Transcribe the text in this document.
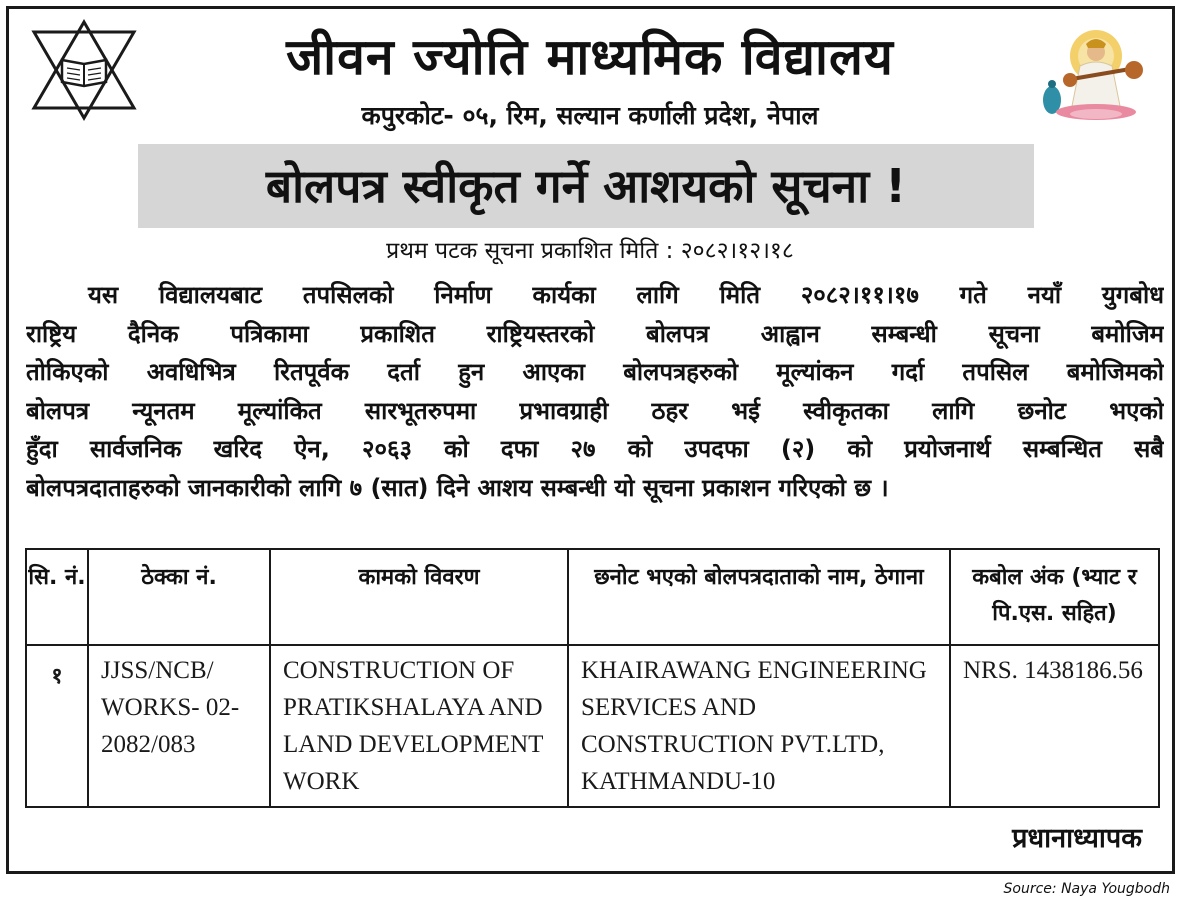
जीवन ज्योति माध्यमिक विद्यालय
कपुरकोट- ०५, रिम, सल्यान कर्णाली प्रदेश, नेपाल
बोलपत्र स्वीकृत गर्ने आशयको सूचना !
प्रथम पटक सूचना प्रकाशित मिति : २०८२।१२।१८
यस विद्यालयबाट तपसिलको निर्माण कार्यका लागि मिति २०८२।११।१७ गते नयाँ युगबोध
राष्ट्रिय दैनिक पत्रिकामा प्रकाशित राष्ट्रियस्तरको बोलपत्र आह्वान सम्बन्धी सूचना बमोजिम
तोकिएको अवधिभित्र रितपूर्वक दर्ता हुन आएका बोलपत्रहरुको मूल्यांकन गर्दा तपसिल बमोजिमको
बोलपत्र न्यूनतम मूल्यांकित सारभूतरुपमा प्रभावग्राही ठहर भई स्वीकृतका लागि छनोट भएको
हुँदा सार्वजनिक खरिद ऐन, २०६३ को दफा २७ को उपदफा (२) को प्रयोजनार्थ सम्बन्धित सबै
बोलपत्रदाताहरुको जानकारीको लागि ७ (सात) दिने आशय सम्बन्धी यो सूचना प्रकाशन गरिएको छ ।
सि. नं.	ठेक्का नं.	कामको विवरण	छनोट भएको बोलपत्रदाताको नाम, ठेगाना	कबोल अंक (भ्याट र पि.एस. सहित)
१	JJSS/NCB/ WORKS- 02-2082/083	CONSTRUCTION OF PRATIKSHALAYA AND LAND DEVELOPMENT WORK	KHAIRAWANG ENGINEERING SERVICES AND CONSTRUCTION PVT.LTD, KATHMANDU-10	NRS. 1438186.56
प्रधानाध्यापक
Source: Naya Yougbodh
